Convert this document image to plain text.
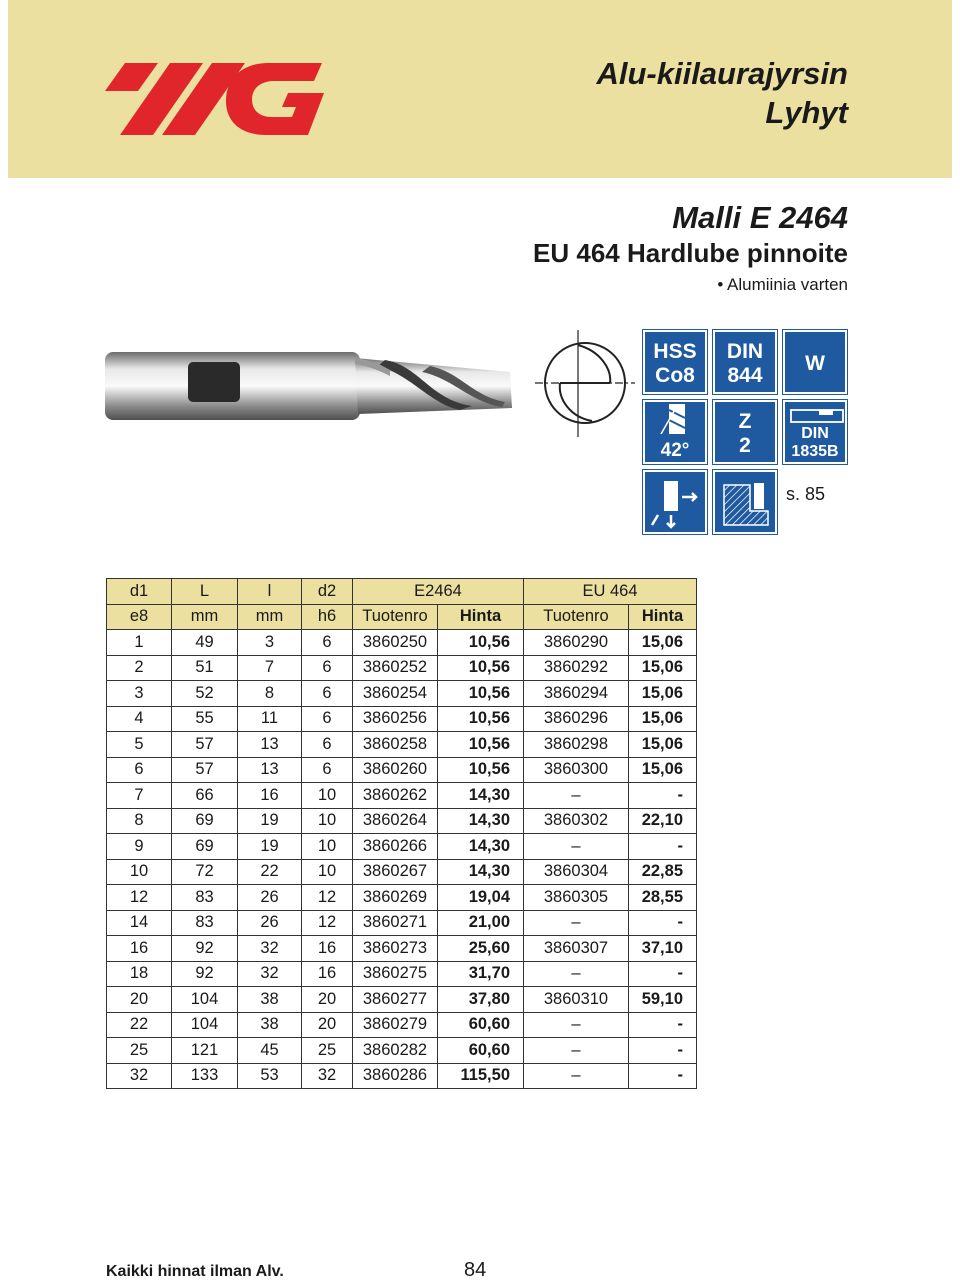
Alu-kiilaurajyrsin
Lyhyt
Malli E 2464
EU 464 Hardlube pinnoite
• Alumiinia varten
HSS
Co8
DIN
844
W
42°
Z
2
DIN
1835B
s. 85
d1	L	l	d2	E2464		EU 464	
e8	mm	mm	h6	Tuotenro	Hinta	Tuotenro	Hinta
1	49	3	6	3860250	10,56	3860290	15,06
2	51	7	6	3860252	10,56	3860292	15,06
3	52	8	6	3860254	10,56	3860294	15,06
4	55	11	6	3860256	10,56	3860296	15,06
5	57	13	6	3860258	10,56	3860298	15,06
6	57	13	6	3860260	10,56	3860300	15,06
7	66	16	10	3860262	14,30	–	-
8	69	19	10	3860264	14,30	3860302	22,10
9	69	19	10	3860266	14,30	–	-
10	72	22	10	3860267	14,30	3860304	22,85
12	83	26	12	3860269	19,04	3860305	28,55
14	83	26	12	3860271	21,00	–	-
16	92	32	16	3860273	25,60	3860307	37,10
18	92	32	16	3860275	31,70	–	-
20	104	38	20	3860277	37,80	3860310	59,10
22	104	38	20	3860279	60,60	–	-
25	121	45	25	3860282	60,60	–	-
32	133	53	32	3860286	115,50	–	-
Kaikki hinnat ilman Alv.	84
